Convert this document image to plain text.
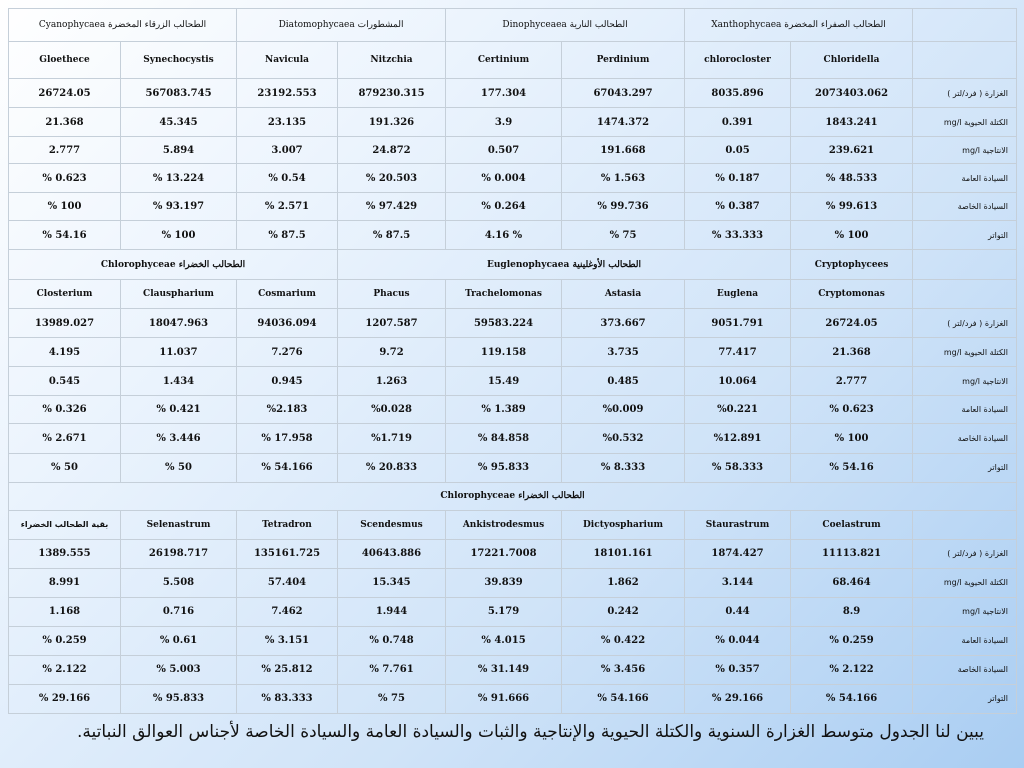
Cyanophycaea الطحالب الزرقاء المخضرة		Diatomophycaea المشطورات		Dinophyceaea الطحالب النارية		Xanthophycaea الطحالب الصفراء المخضرة		
Gloethece	Synechocystis	Navicula	Nitzchia	Certinium	Perdinium	chlorocloster	Chloridella	
26724.05	567083.745	23192.553	879230.315	177.304	67043.297	8035.896	2073403.062	الغزارة ( فرد/لتر )
21.368	45.345	23.135	191.326	3.9	1474.372	0.391	1843.241	الكتلة الحيوية mg/l
2.777	5.894	3.007	24.872	0.507	191.668	0.05	239.621	الانتاجية mg/l
% 0.623	% 13.224	% 0.54	% 20.503	% 0.004	% 1.563	% 0.187	% 48.533	السيادة العامة
% 100	% 93.197	% 2.571	% 97.429	% 0.264	% 99.736	% 0.387	% 99.613	السيادة الخاصة
% 54.16	% 100	% 87.5	% 87.5	4.16 %	% 75	% 33.333	% 100	التواتر
Chlorophyceae الطحالب الخضراء			Euglenophycaea الطحالب الأوغلينية				Cryptophycees	
Closterium	Clauspharium	Cosmarium	Phacus	Trachelomonas	Astasia	Euglena	Cryptomonas	
13989.027	18047.963	94036.094	1207.587	59583.224	373.667	9051.791	26724.05	الغزارة ( فرد/لتر )
4.195	11.037	7.276	9.72	119.158	3.735	77.417	21.368	الكتلة الحيوية mg/l
0.545	1.434	0.945	1.263	15.49	0.485	10.064	2.777	الانتاجية mg/l
% 0.326	% 0.421	%2.183	%0.028	% 1.389	%0.009	%0.221	% 0.623	السيادة العامة
% 2.671	% 3.446	% 17.958	%1.719	% 84.858	%0.532	%12.891	% 100	السيادة الخاصة
% 50	% 50	% 54.166	% 20.833	% 95.833	% 8.333	% 58.333	% 54.16	التواتر
Chlorophyceae الطحالب الخضراء								
بقية الطحالب الخضراء	Selenastrum	Tetradron	Scendesmus	Ankistrodesmus	Dictyospharium	Staurastrum	Coelastrum	
1389.555	26198.717	135161.725	40643.886	17221.7008	18101.161	1874.427	11113.821	الغزارة ( فرد/لتر )
8.991	5.508	57.404	15.345	39.839	1.862	3.144	68.464	الكتلة الحيوية mg/l
1.168	0.716	7.462	1.944	5.179	0.242	0.44	8.9	الانتاجية mg/l
% 0.259	% 0.61	% 3.151	% 0.748	% 4.015	% 0.422	% 0.044	% 0.259	السيادة العامة
% 2.122	% 5.003	% 25.812	% 7.761	% 31.149	% 3.456	% 0.357	% 2.122	السيادة الخاصة
% 29.166	% 95.833	% 83.333	% 75	% 91.666	% 54.166	% 29.166	% 54.166	التواتر
يبين لنا الجدول متوسط الغزارة السنوية والكتلة الحيوية والإنتاجية والثبات والسيادة العامة والسيادة الخاصة لأجناس العوالق النباتية.
